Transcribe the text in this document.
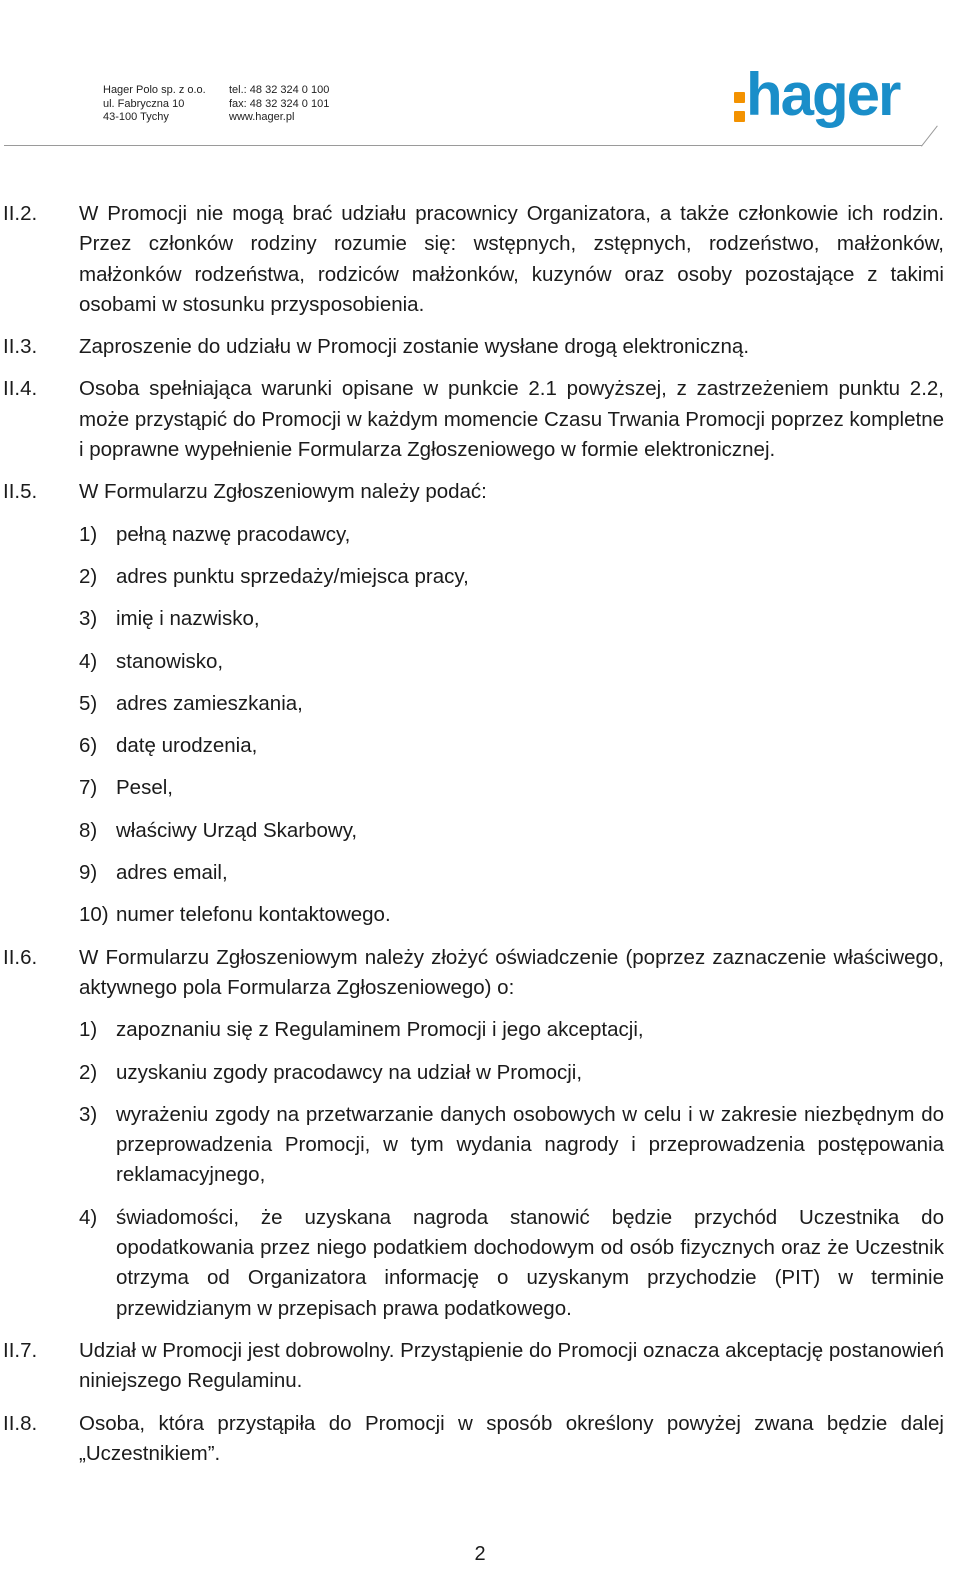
Hager Polo sp. z o.o.
ul. Fabryczna 10
43-100 Tychy
tel.: 48 32 324 0 100
fax: 48 32 324 0 101
www.hager.pl	hager
II.2.	W Promocji nie mogą brać udziału pracownicy Organizatora, a także członkowie ich rodzin. Przez członków rodziny rozumie się: wstępnych, zstępnych, rodzeństwo, małżonków, małżonków rodzeństwa, rodziców małżonków, kuzynów oraz osoby pozostające z takimi osobami w stosunku przysposobienia.

II.3.	Zaproszenie do udziału w Promocji zostanie wysłane drogą elektroniczną.

II.4.	Osoba spełniająca warunki opisane w punkcie 2.1 powyższej, z zastrzeżeniem punktu 2.2, może przystąpić do Promocji w każdym momencie Czasu Trwania Promocji poprzez kompletne i poprawne wypełnienie Formularza Zgłoszeniowego w formie elektronicznej.

II.5.	W Formularzu Zgłoszeniowym należy podać:

1) pełną nazwę pracodawcy,
2) adres punktu sprzedaży/miejsca pracy,
3) imię i nazwisko,
4) stanowisko,
5) adres zamieszkania,
6) datę urodzenia,
7) Pesel,
8) właściwy Urząd Skarbowy,
9) adres email,
10) numer telefonu kontaktowego.
II.6.	W Formularzu Zgłoszeniowym należy złożyć oświadczenie (poprzez zaznaczenie właściwego, aktywnego pola Formularza Zgłoszeniowego) o:

1) zapoznaniu się z Regulaminem Promocji i jego akceptacji,
2) uzyskaniu zgody pracodawcy na udział w Promocji,
3) wyrażeniu zgody na przetwarzanie danych osobowych w celu i w zakresie niezbędnym do przeprowadzenia Promocji, w tym wydania nagrody i przeprowadzenia postępowania reklamacyjnego,
4) świadomości, że uzyskana nagroda stanowić będzie przychód Uczestnika do opodatkowania przez niego podatkiem dochodowym od osób fizycznych oraz że Uczestnik otrzyma od Organizatora informację o uzyskanym przychodzie (PIT) w terminie przewidzianym w przepisach prawa podatkowego.
II.7.	Udział w Promocji jest dobrowolny. Przystąpienie do Promocji oznacza akceptację postanowień niniejszego Regulaminu.

II.8.	Osoba, która przystąpiła do Promocji w sposób określony powyżej zwana będzie dalej „Uczestnikiem”.

2
